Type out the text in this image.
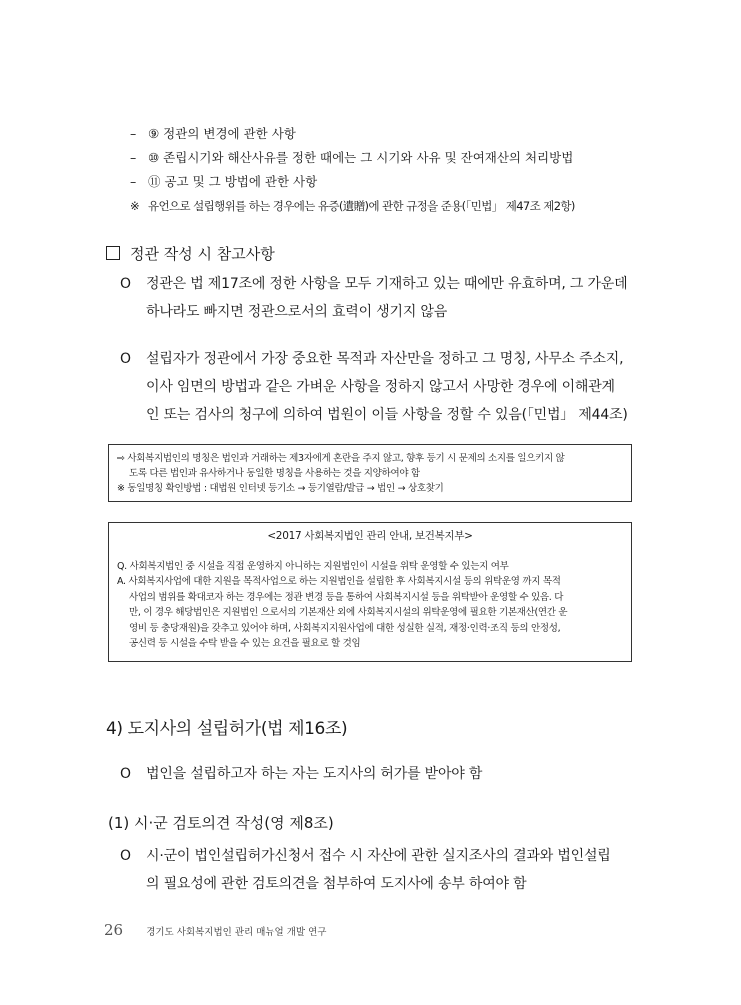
– ⑨ 정관의 변경에 관한 사항
– ⑩ 존립시기와 해산사유를 정한 때에는 그 시기와 사유 및 잔여재산의 처리방법
– ⑪ 공고 및 그 방법에 관한 사항
※ 유언으로 설립행위를 하는 경우에는 유증(遺贈)에 관한 규정을 준용(「민법」 제47조 제2항)
정관 작성 시 참고사항
O 정관은 법 제17조에 정한 사항을 모두 기재하고 있는 때에만 유효하며, 그 가운데
하나라도 빠지면 정관으로서의 효력이 생기지 않음
O 설립자가 정관에서 가장 중요한 목적과 자산만을 정하고 그 명칭, 사무소 주소지,
이사 임면의 방법과 같은 가벼운 사항을 정하지 않고서 사망한 경우에 이해관계
인 또는 검사의 청구에 의하여 법원이 이들 사항을 정할 수 있음(「민법」 제44조)
⇨ 사회복지법인의 명칭은 법인과 거래하는 제3자에게 혼란을 주지 않고, 향후 등기 시 문제의 소지를 일으키지 않
도록 다른 법인과 유사하거나 동일한 명칭을 사용하는 것을 지양하여야 함
※ 동일명칭 확인방법 : 대법원 인터넷 등기소 → 등기열람/발급 → 법인 → 상호찾기
<2017 사회복지법인 관리 안내, 보건복지부>
Q. 사회복지법인 중 시설을 직접 운영하지 아니하는 지원법인이 시설을 위탁 운영할 수 있는지 여부
A. 사회복지사업에 대한 지원을 목적사업으로 하는 지원법인을 설립한 후 사회복지시설 등의 위탁운영 까지 목적
사업의 범위를 확대코자 하는 경우에는 정관 변경 등을 통하여 사회복지시설 등을 위탁받아 운영할 수 있음. 다
만, 이 경우 해당법인은 지원법인 으로서의 기본재산 외에 사회복지시설의 위탁운영에 필요한 기본재산(연간 운
영비 등 충당재원)을 갖추고 있어야 하며, 사회복지지원사업에 대한 성실한 실적, 재정·인력·조직 등의 안정성,
공신력 등 시설을 수탁 받을 수 있는 요건을 필요로 할 것임
4) 도지사의 설립허가(법 제16조)
O 법인을 설립하고자 하는 자는 도지사의 허가를 받아야 함
(1) 시·군 검토의견 작성(영 제8조)
O 시·군이 법인설립허가신청서 접수 시 자산에 관한 실지조사의 결과와 법인설립
의 필요성에 관한 검토의견을 첨부하여 도지사에 송부 하여야 함
26 경기도 사회복지법인 관리 매뉴얼 개발 연구
